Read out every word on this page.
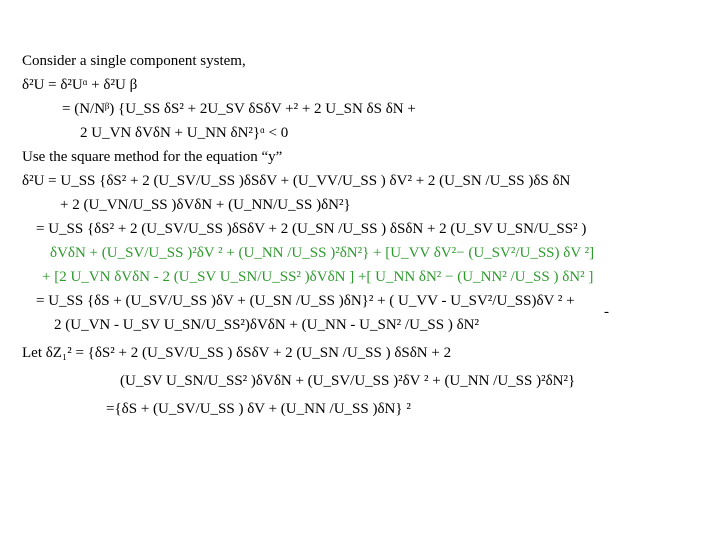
Consider a single component system,
δ²U = δ²Uᵅ + δ²U β
= (N/Nᵝ) {U_SS δS² + 2U_SV δSδV +² + 2 U_SN δS δN +
2 U_VN δVδN + U_NN δN²}ᵅ < 0
Use the square method for the equation “y”
δ²U = U_SS {δS² + 2 (U_SV/U_SS )δSδV + (U_VV/U_SS ) δV² + 2 (U_SN /U_SS )δS δN
+ 2 (U_VN/U_SS )δVδN + (U_NN/U_SS )δN²}
= U_SS {δS² + 2 (U_SV/U_SS )δSδV + 2 (U_SN /U_SS ) δSδN + 2 (U_SV U_SN/U_SS² )
δVδN + (U_SV/U_SS )²δV ² + (U_NN /U_SS )²δN²} + [U_VV δV²− (U_SV²/U_SS) δV ²]
+ [2 U_VN δVδN - 2 (U_SV U_SN/U_SS² )δVδN ] +[ U_NN δN² − (U_NN² /U_SS ) δN² ]
= U_SS {δS + (U_SV/U_SS )δV + (U_SN /U_SS )δN}² + ( U_VV - U_SV²/U_SS)δV ² +
2 (U_VN - U_SV U_SN/U_SS²)δVδN + (U_NN - U_SN² /U_SS ) δN²
Let δZ₁² = {δS² + 2 (U_SV/U_SS ) δSδV + 2 (U_SN /U_SS ) δSδN + 2
(U_SV U_SN/U_SS² )δVδN + (U_SV/U_SS )²δV ² + (U_NN /U_SS )²δN²}
={δS + (U_SV/U_SS ) δV + (U_NN /U_SS )δN} ²
-
